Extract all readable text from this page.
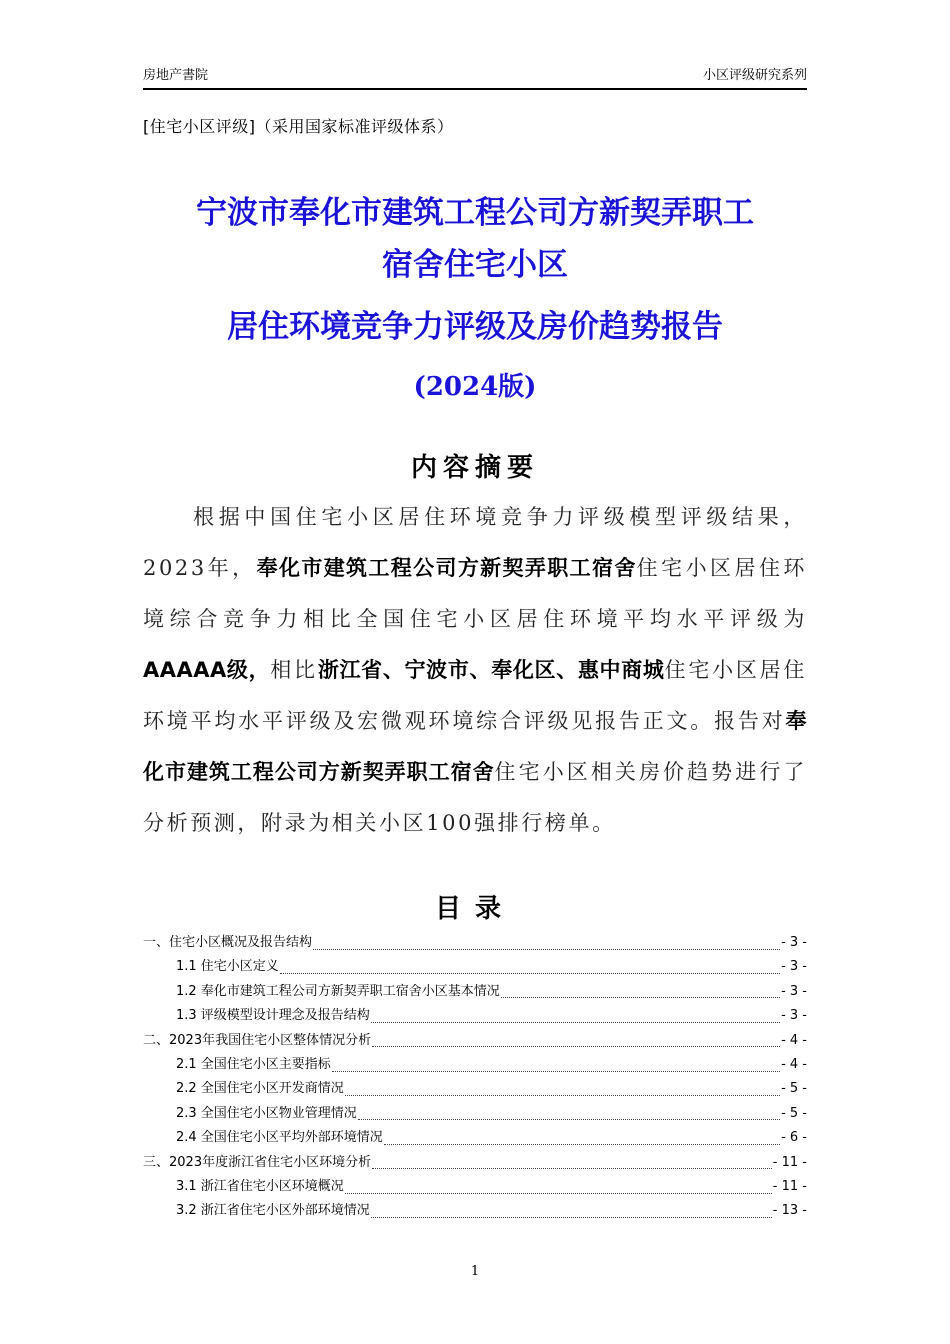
房地产書院	小区评级研究系列
[住宅小区评级]（采用国家标准评级体系）
宁波市奉化市建筑工程公司方新契弄职工
宿舍住宅小区
居住环境竞争力评级及房价趋势报告
(2024版)
内容摘要
根据中国住宅小区居住环境竞争力评级模型评级结果，2023年，奉化市建筑工程公司方新契弄职工宿舍住宅小区居住环境综合竞争力相比全国住宅小区居住环境平均水平评级为AAAAA级，相比浙江省、宁波市、奉化区、惠中商城住宅小区居住环境平均水平评级及宏微观环境综合评级见报告正文。报告对奉化市建筑工程公司方新契弄职工宿舍住宅小区相关房价趋势进行了分析预测，附录为相关小区100强排行榜单。
目录
一、住宅小区概况及报告结构	- 3 -
1.1 住宅小区定义	- 3 -
1.2 奉化市建筑工程公司方新契弄职工宿舍小区基本情况	- 3 -
1.3 评级模型设计理念及报告结构	- 3 -
二、2023年我国住宅小区整体情况分析	- 4 -
2.1 全国住宅小区主要指标	- 4 -
2.2 全国住宅小区开发商情况	- 5 -
2.3 全国住宅小区物业管理情况	- 5 -
2.4 全国住宅小区平均外部环境情况	- 6 -
三、2023年度浙江省住宅小区环境分析	- 11 -
3.1 浙江省住宅小区环境概况	- 11 -
3.2 浙江省住宅小区外部环境情况	- 13 -
1
